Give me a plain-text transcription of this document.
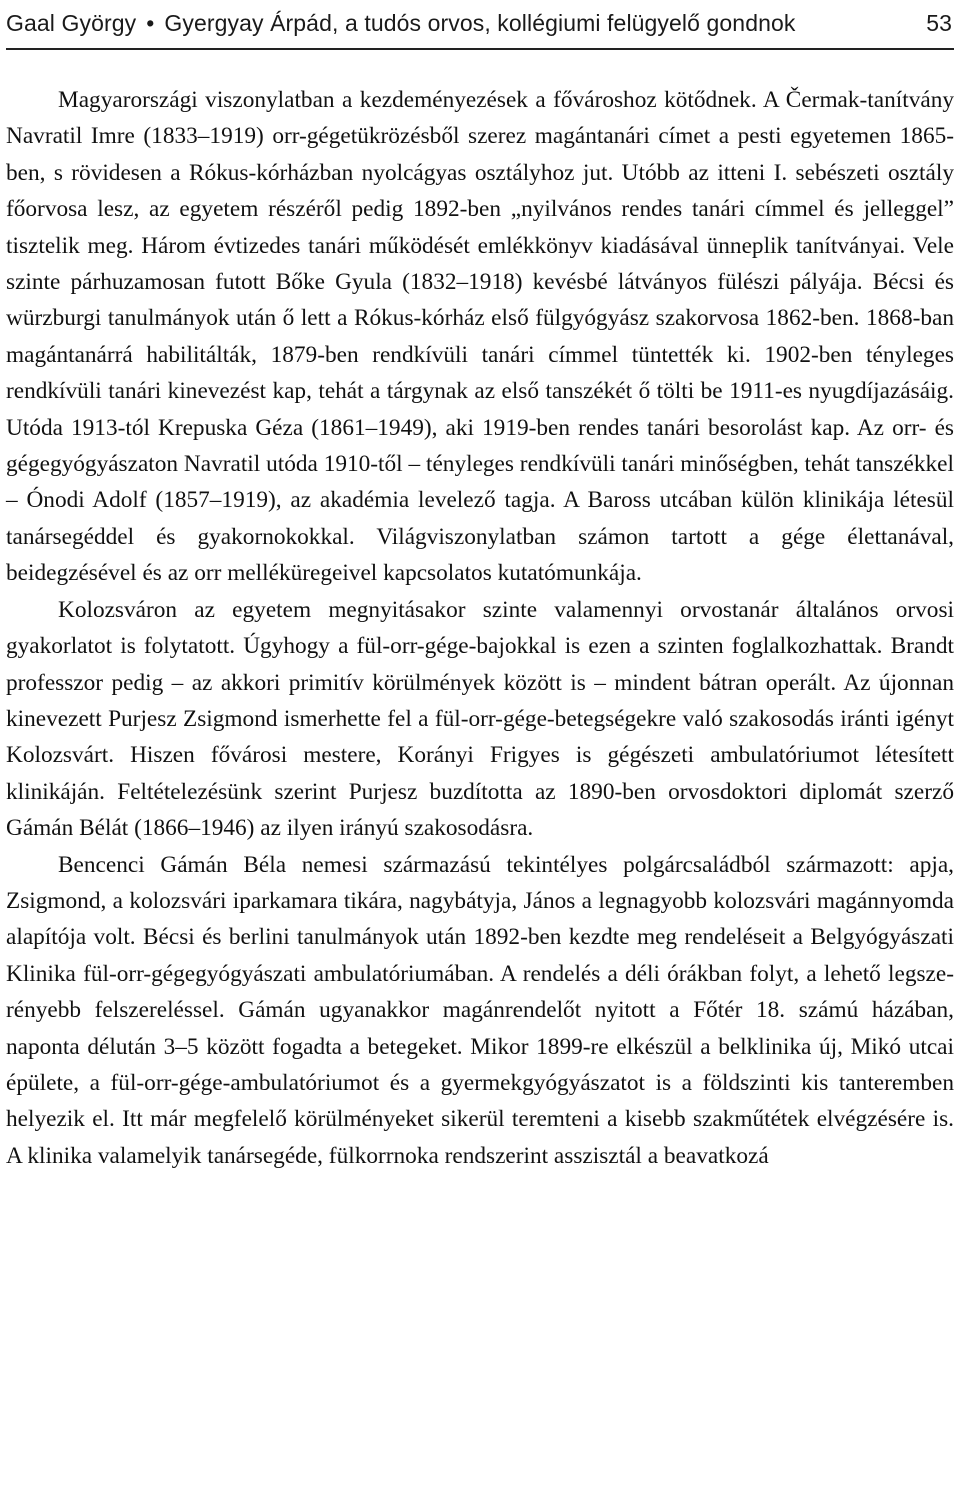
Gaal György • Gyergyay Árpád, a tudós orvos, kollégiumi felügyelő gondnok	53

Magyarországi viszonylatban a kezdeményezések a fővároshoz kötődnek. A Čermak-tanítvány Navratil Imre (1833–1919) orr-gégetükrözésből szerez magántanári címet a pesti egyetemen 1865-ben, s rövidesen a Rókus-kórházban nyolcágyas osztályhoz jut. Utóbb az itteni I. sebészeti osztály főorvosa lesz, az egyetem részéről pedig 1892-ben „nyilvános rendes tanári címmel és jelleggel” tisztelik meg. Három évtizedes tanári működését emlékkönyv kiadásával ünneplik tanítványai. Vele szinte párhuzamosan futott Bőke Gyula (1832–1918) kevésbé látványos fülészi pályája. Bécsi és würzburgi tanulmányok után ő lett a Rókus-kórház első fülgyógyász szakorvosa 1862-ben. 1868-ban magántanárrá habilitálták, 1879-ben rendkívüli tanári címmel tüntették ki. 1902-ben tényleges rendkívüli tanári kinevezést kap, tehát a tárgynak az első tanszékét ő tölti be 1911-es nyugdíjazásáig. Utóda 1913-tól Krepuska Géza (1861–1949), aki 1919-ben rendes tanári besorolást kap. Az orr- és gégegyógyászaton Navratil utóda 1910-től – tényleges rendkívüli tanári minőségben, tehát tanszékkel – Ónodi Adolf (1857–1919), az akadémia levelező tagja. A Baross utcában külön klinikája létesül tanársegéddel és gyakornokokkal. Világviszonylatban számon tartott a gége élettanával, beidegzésével és az orr melléküregeivel kapcsolatos kutatómunkája.

Kolozsváron az egyetem megnyitásakor szinte valamennyi orvostanár általános orvosi gyakorlatot is folytatott. Úgyhogy a fül-orr-gége-bajokkal is ezen a szinten foglalkozhattak. Brandt professzor pedig – az akkori primitív körülmények között is – mindent bátran operált. Az újonnan kinevezett Purjesz Zsigmond ismerhette fel a fül-orr-gége-betegségekre való szakosodás iránti igényt Kolozsvárt. Hiszen fővárosi mestere, Korányi Frigyes is gégészeti ambulatóriumot létesített klinikáján. Feltételezésünk szerint Purjesz buzdította az 1890-ben orvosdoktori diplomát szerző Gámán Bélát (1866–1946) az ilyen irányú szakosodásra.

Bencenci Gámán Béla nemesi származású tekintélyes polgárcsaládból származott: apja, Zsigmond, a kolozsvári iparkamara tikára, nagybátyja, János a legnagyobb kolozsvári magánnyomda alapítója volt. Bécsi és berlini tanulmányok után 1892-ben kezdte meg rendeléseit a Belgyógyászati Klinika fül-orr-gégegyógyászati ambulatóriumában. A rendelés a déli órákban folyt, a lehető legszerényebb felszereléssel. Gámán ugyanakkor magánrendelőt nyitott a Főtér 18. számú házában, naponta délután 3–5 között fogadta a betegeket. Mikor 1899-re elkészül a belklinika új, Mikó utcai épülete, a fül-orr-gége-ambulatóriumot és a gyermekgyógyászatot is a földszinti kis tanteremben helyezik el. Itt már megfelelő körülményeket sikerül teremteni a kisebb szakműtétek elvégzésére is. A klinika valamelyik tanársegéde, fülkorrnoka rendszerint asszisztál a beavatkozá
